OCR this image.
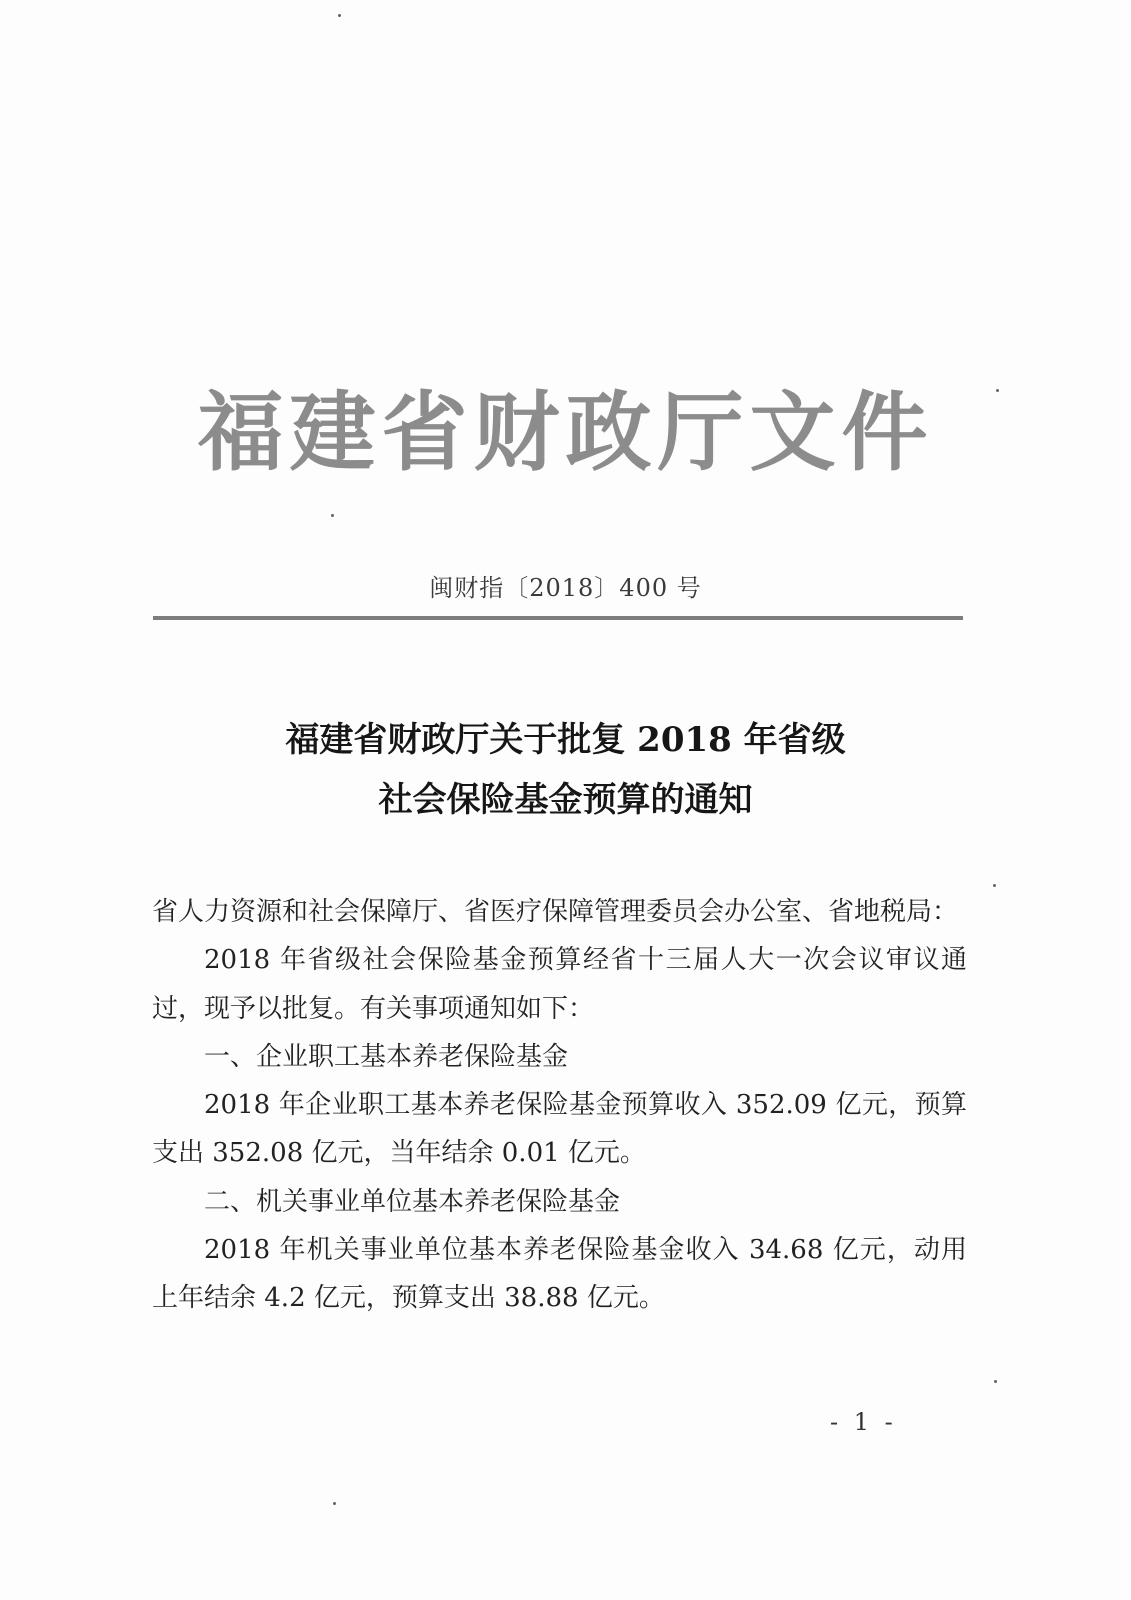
福建省财政厅文件
闽财指〔2018〕400 号
福建省财政厅关于批复 2018 年省级
社会保险基金预算的通知

省人力资源和社会保障厅、省医疗保障管理委员会办公室、省地税局：

2018 年省级社会保险基金预算经省十三届人大一次会议审议通过，现予以批复。有关事项通知如下：

一、企业职工基本养老保险基金

2018 年企业职工基本养老保险基金预算收入 352.09 亿元，预算支出 352.08 亿元，当年结余 0.01 亿元。

二、机关事业单位基本养老保险基金

2018 年机关事业单位基本养老保险基金收入 34.68 亿元，动用上年结余 4.2 亿元，预算支出 38.88 亿元。

- 1 -
